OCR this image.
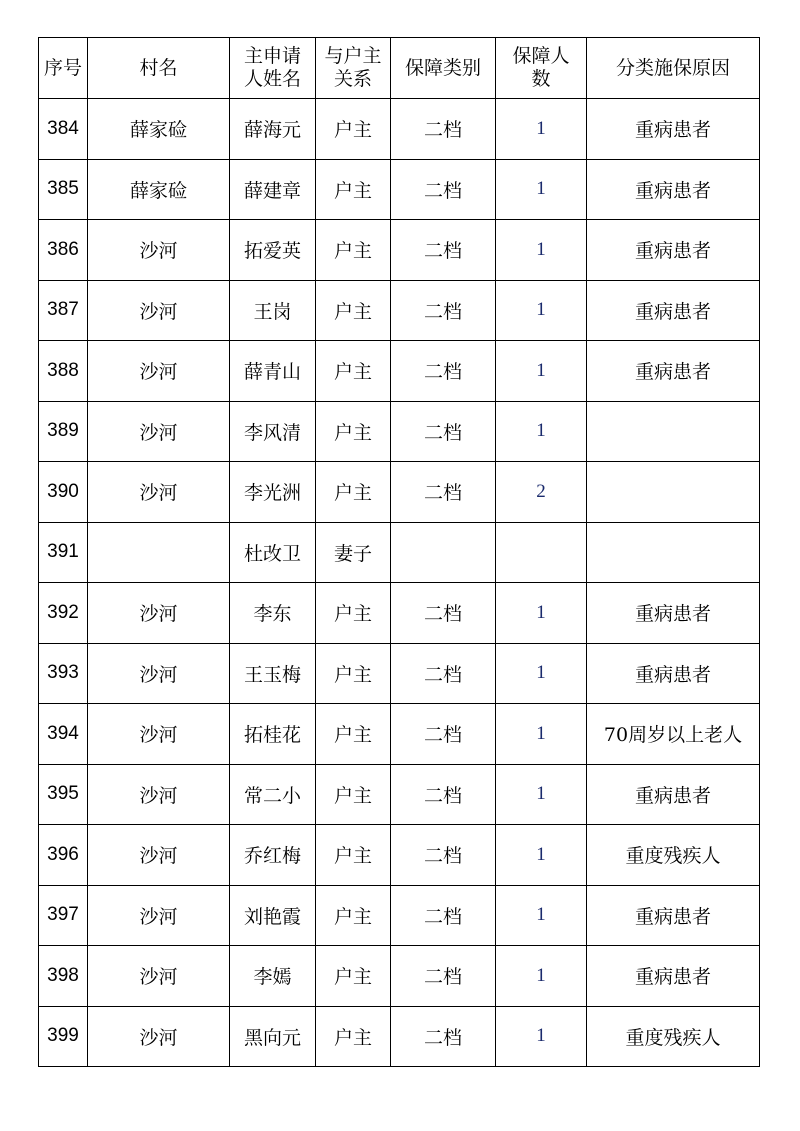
序号	村名	主申请人姓名	与户主关系	保障类别	保障人数	分类施保原因
384	薛家硷	薛海元	户主	二档	1	重病患者
385	薛家硷	薛建章	户主	二档	1	重病患者
386	沙河	拓爱英	户主	二档	1	重病患者
387	沙河	王岗	户主	二档	1	重病患者
388	沙河	薛青山	户主	二档	1	重病患者
389	沙河	李风清	户主	二档	1	
390	沙河	李光洲	户主	二档	2	
391		杜改卫	妻子			
392	沙河	李东	户主	二档	1	重病患者
393	沙河	王玉梅	户主	二档	1	重病患者
394	沙河	拓桂花	户主	二档	1	70周岁以上老人
395	沙河	常二小	户主	二档	1	重病患者
396	沙河	乔红梅	户主	二档	1	重度残疾人
397	沙河	刘艳霞	户主	二档	1	重病患者
398	沙河	李嫣	户主	二档	1	重病患者
399	沙河	黑向元	户主	二档	1	重度残疾人
